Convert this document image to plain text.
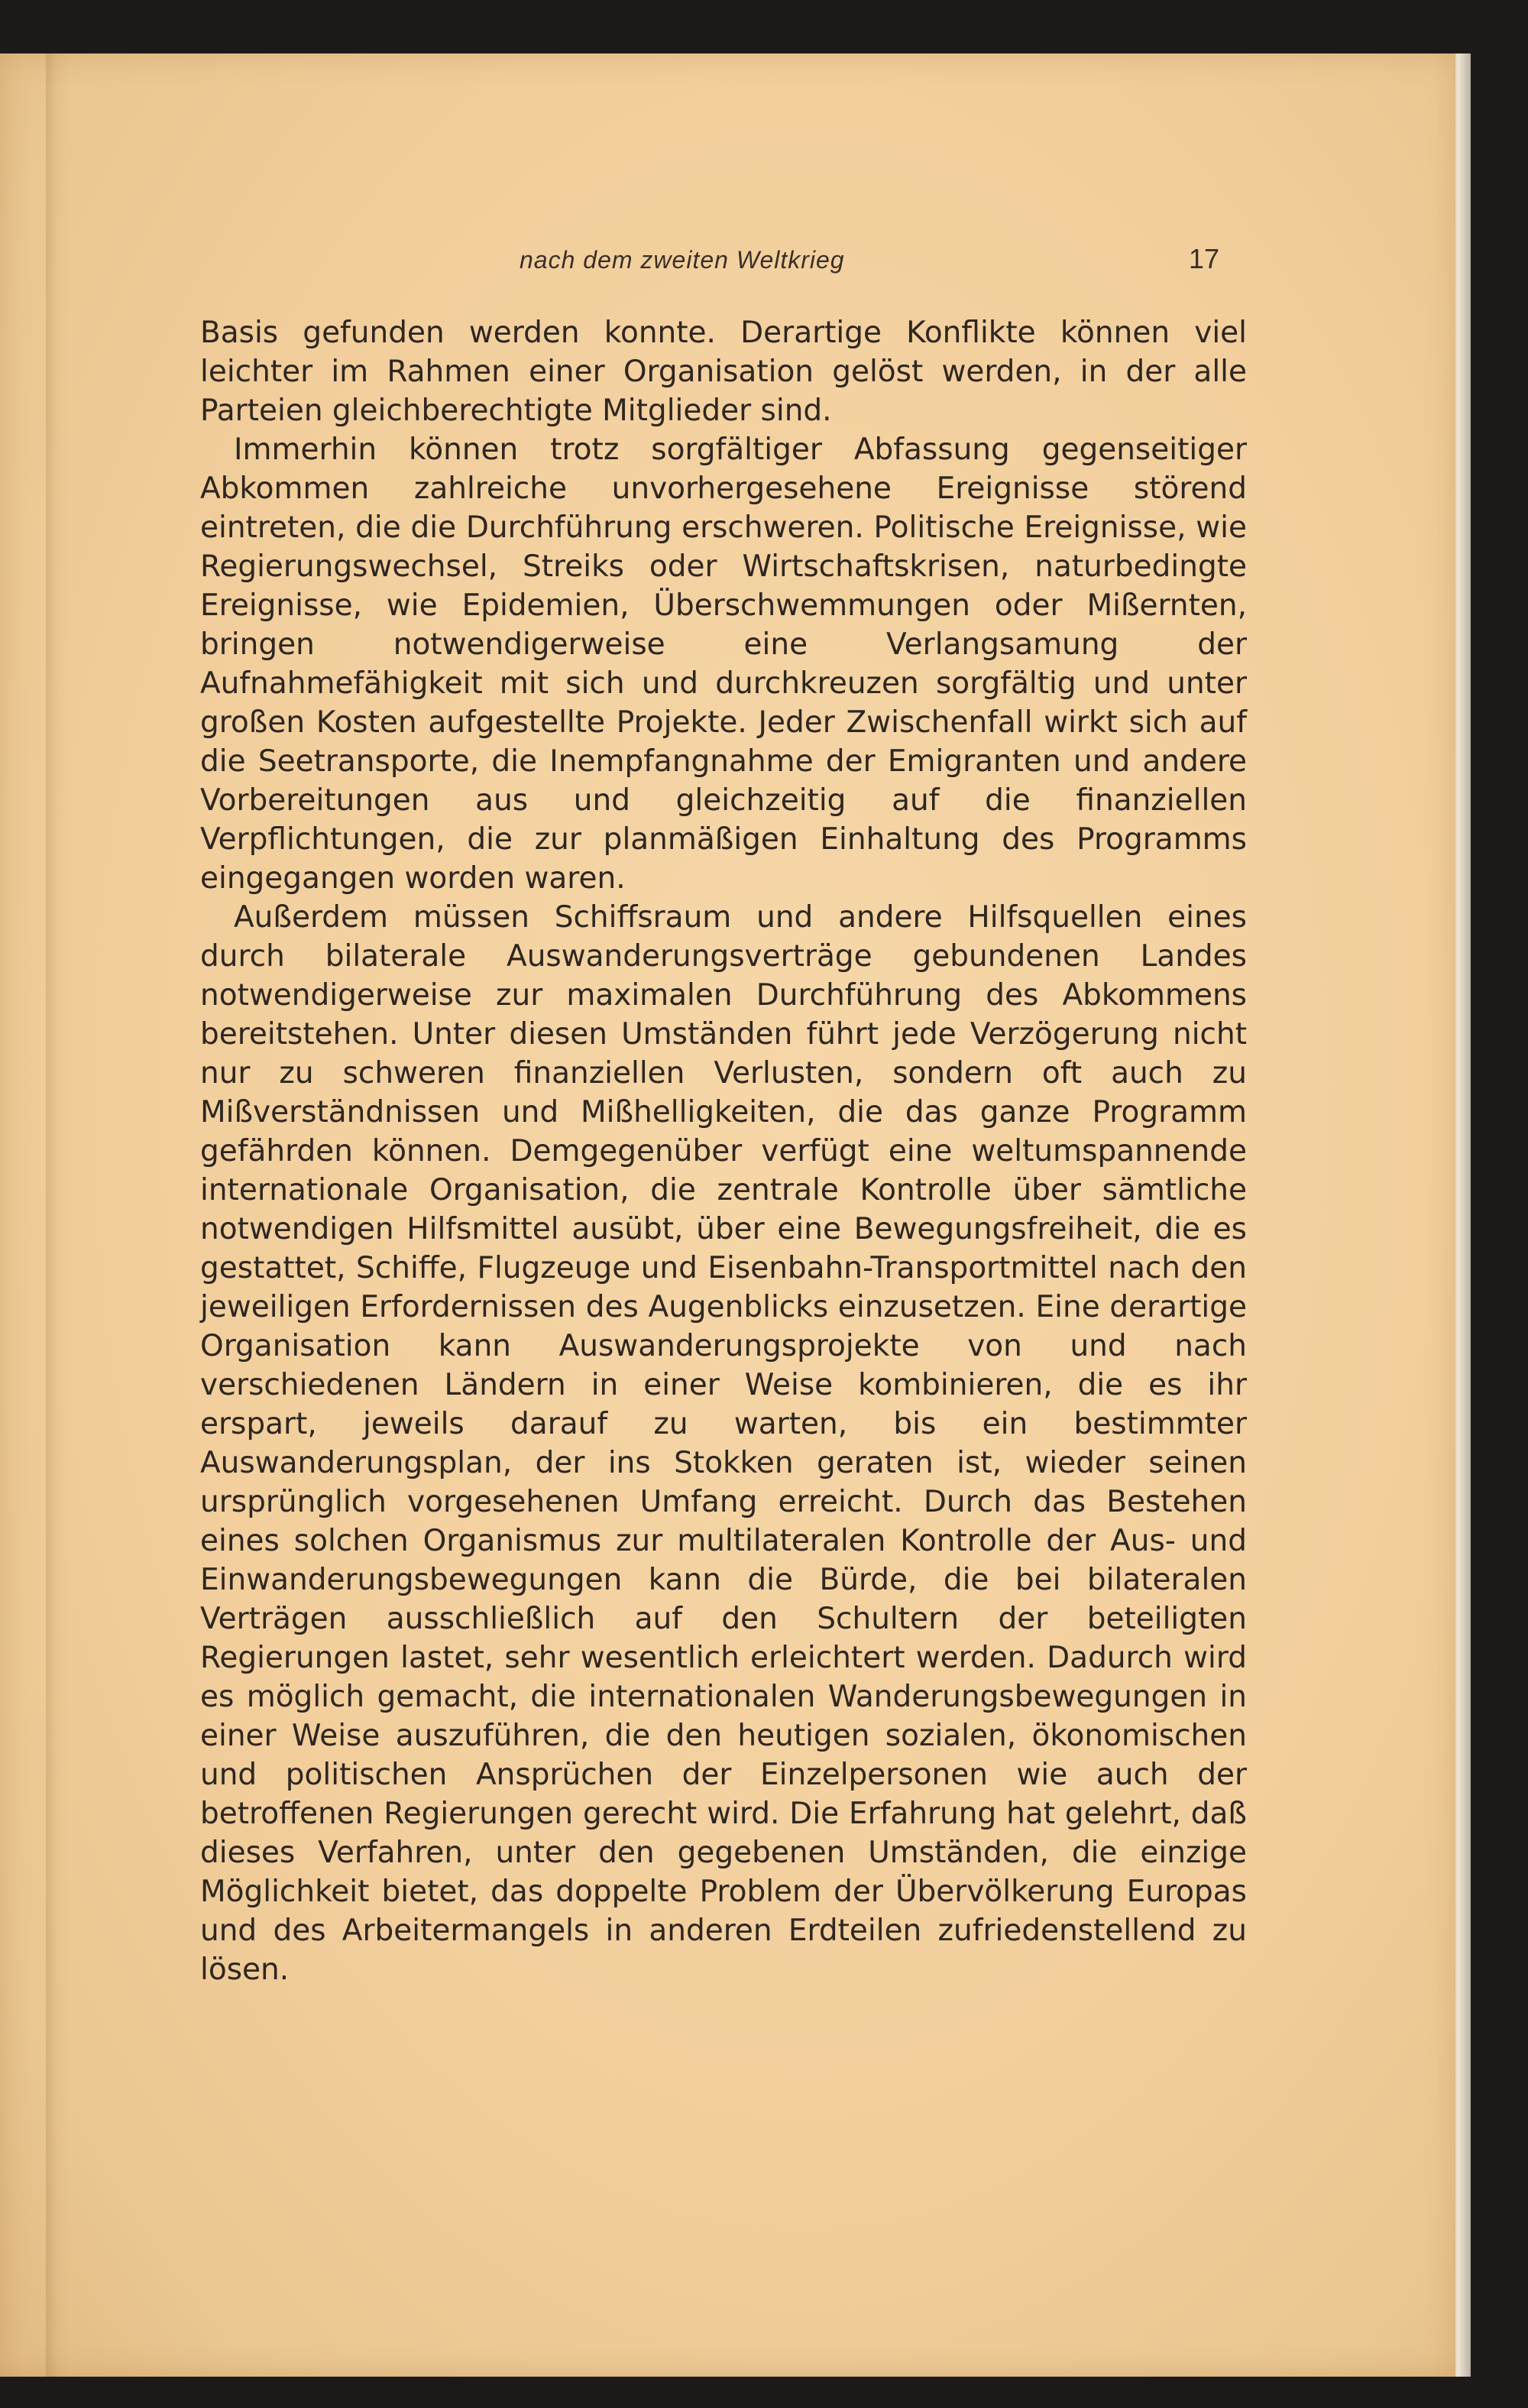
nach dem zweiten Weltkrieg	17

Basis gefunden werden konnte. Derartige Konflikte können viel leichter im Rahmen einer Organisation gelöst werden, in der alle Parteien gleichberechtigte Mitglieder sind.

Immerhin können trotz sorgfältiger Abfassung gegenseitiger Abkommen zahlreiche unvorhergesehene Ereignisse störend eintreten, die die Durchführung erschweren. Politische Ereignisse, wie Regierungswechsel, Streiks oder Wirtschaftskrisen, naturbedingte Ereignisse, wie Epidemien, Überschwemmungen oder Mißernten, bringen notwendigerweise eine Verlangsamung der Aufnahmefähigkeit mit sich und durchkreuzen sorgfältig und unter großen Kosten aufgestellte Projekte. Jeder Zwischenfall wirkt sich auf die Seetransporte, die Inempfangnahme der Emigranten und andere Vorbereitungen aus und gleichzeitig auf die finanziellen Verpflichtungen, die zur planmäßigen Einhaltung des Programms eingegangen worden waren.

Außerdem müssen Schiffsraum und andere Hilfsquellen eines durch bilaterale Auswanderungsverträge gebundenen Landes notwendigerweise zur maximalen Durchführung des Abkommens bereitstehen. Unter diesen Umständen führt jede Verzögerung nicht nur zu schweren finanziellen Verlusten, sondern oft auch zu Mißverständnissen und Mißhelligkeiten, die das ganze Programm gefährden können. Demgegenüber verfügt eine weltumspannende internationale Organisation, die zentrale Kontrolle über sämtliche notwendigen Hilfsmittel ausübt, über eine Bewegungsfreiheit, die es gestattet, Schiffe, Flugzeuge und Eisenbahn-Transportmittel nach den jeweiligen Erfordernissen des Augenblicks einzusetzen. Eine derartige Organisation kann Auswanderungsprojekte von und nach verschiedenen Ländern in einer Weise kombinieren, die es ihr erspart, jeweils darauf zu warten, bis ein bestimmter Auswanderungsplan, der ins Stokken geraten ist, wieder seinen ursprünglich vorgesehenen Umfang erreicht. Durch das Bestehen eines solchen Organismus zur multilateralen Kontrolle der Aus- und Einwanderungsbewegungen kann die Bürde, die bei bilateralen Verträgen ausschließlich auf den Schultern der beteiligten Regierungen lastet, sehr wesentlich erleichtert werden. Dadurch wird es möglich gemacht, die internationalen Wanderungsbewegungen in einer Weise auszuführen, die den heutigen sozialen, ökonomischen und politischen Ansprüchen der Einzelpersonen wie auch der betroffenen Regierungen gerecht wird. Die Erfahrung hat gelehrt, daß dieses Verfahren, unter den gegebenen Umständen, die einzige Möglichkeit bietet, das doppelte Problem der Übervölkerung Europas und des Arbeitermangels in anderen Erdteilen zufriedenstellend zu lösen.
